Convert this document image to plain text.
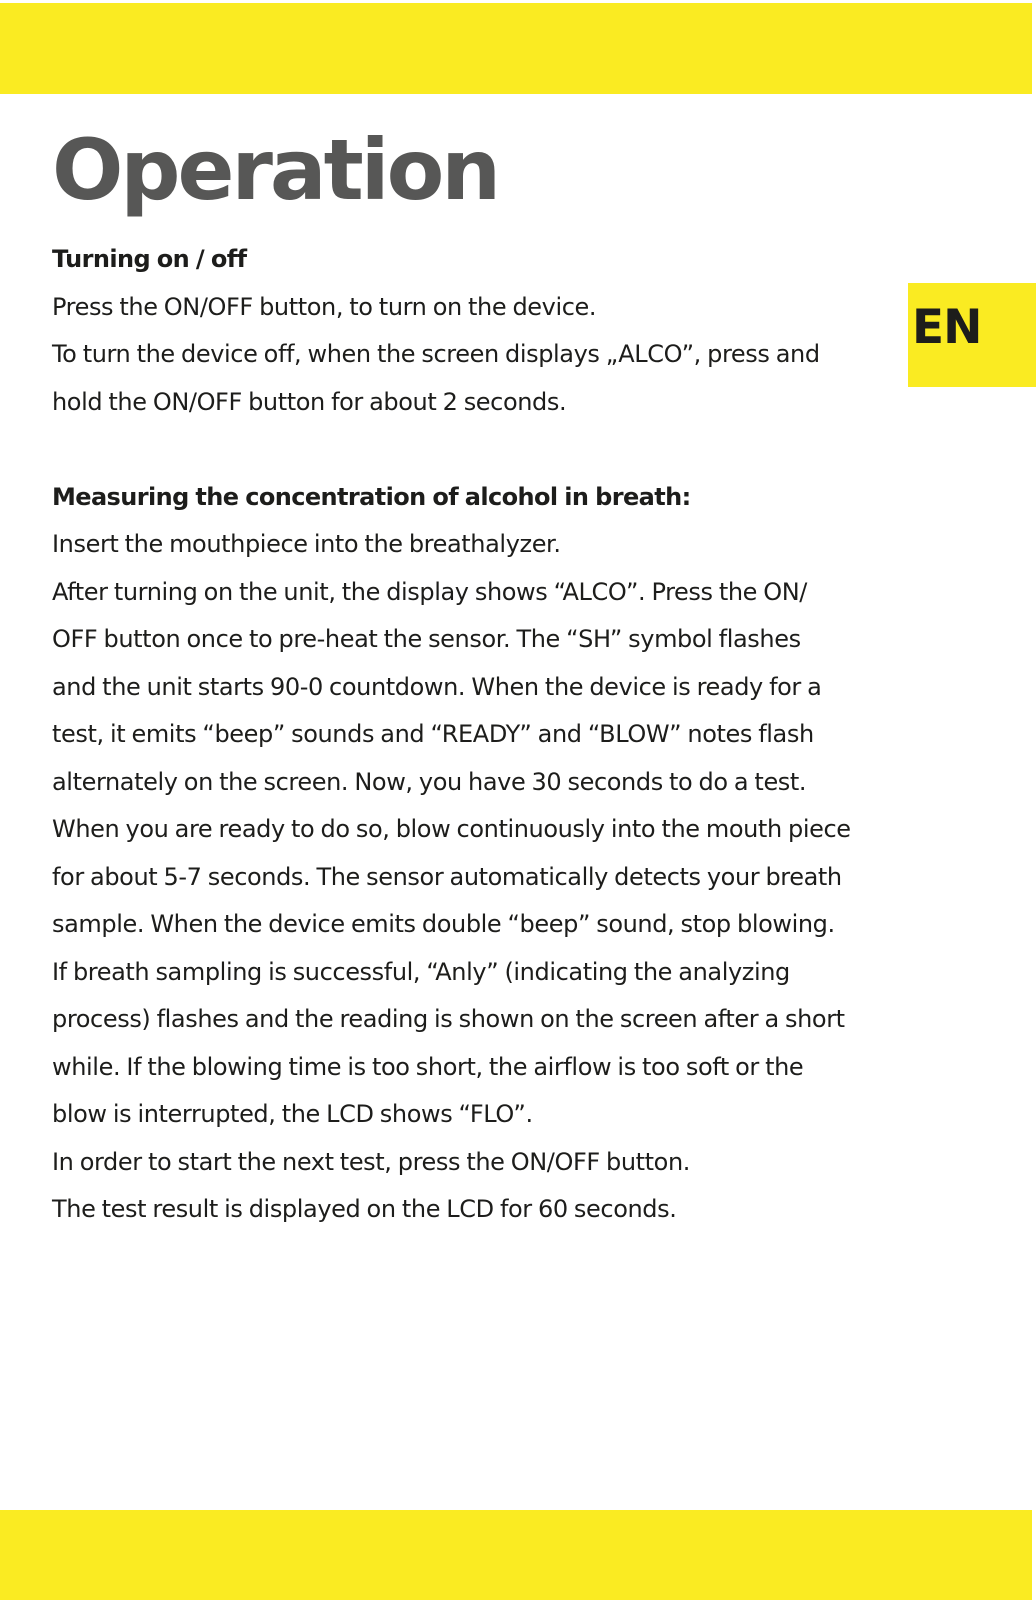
Operation
EN

Turning on / off

Press the ON/OFF button, to turn on the device.

To turn the device off, when the screen displays „ALCO”, press and

hold the ON/OFF button for about 2 seconds.

Measuring the concentration of alcohol in breath:

Insert the mouthpiece into the breathalyzer.

After turning on the unit, the display shows “ALCO”. Press the ON/

OFF button once to pre-heat the sensor. The “SH” symbol flashes

and the unit starts 90-0 countdown. When the device is ready for a

test, it emits “beep” sounds and “READY” and “BLOW” notes flash

alternately on the screen. Now, you have 30 seconds to do a test.

When you are ready to do so, blow continuously into the mouth piece

for about 5-7 seconds. The sensor automatically detects your breath

sample. When the device emits double “beep” sound, stop blowing.

If breath sampling is successful, “Anly” (indicating the analyzing

process) flashes and the reading is shown on the screen after a short

while. If the blowing time is too short, the airflow is too soft or the

blow is interrupted, the LCD shows “FLO”.

In order to start the next test, press the ON/OFF button.

The test result is displayed on the LCD for 60 seconds.
